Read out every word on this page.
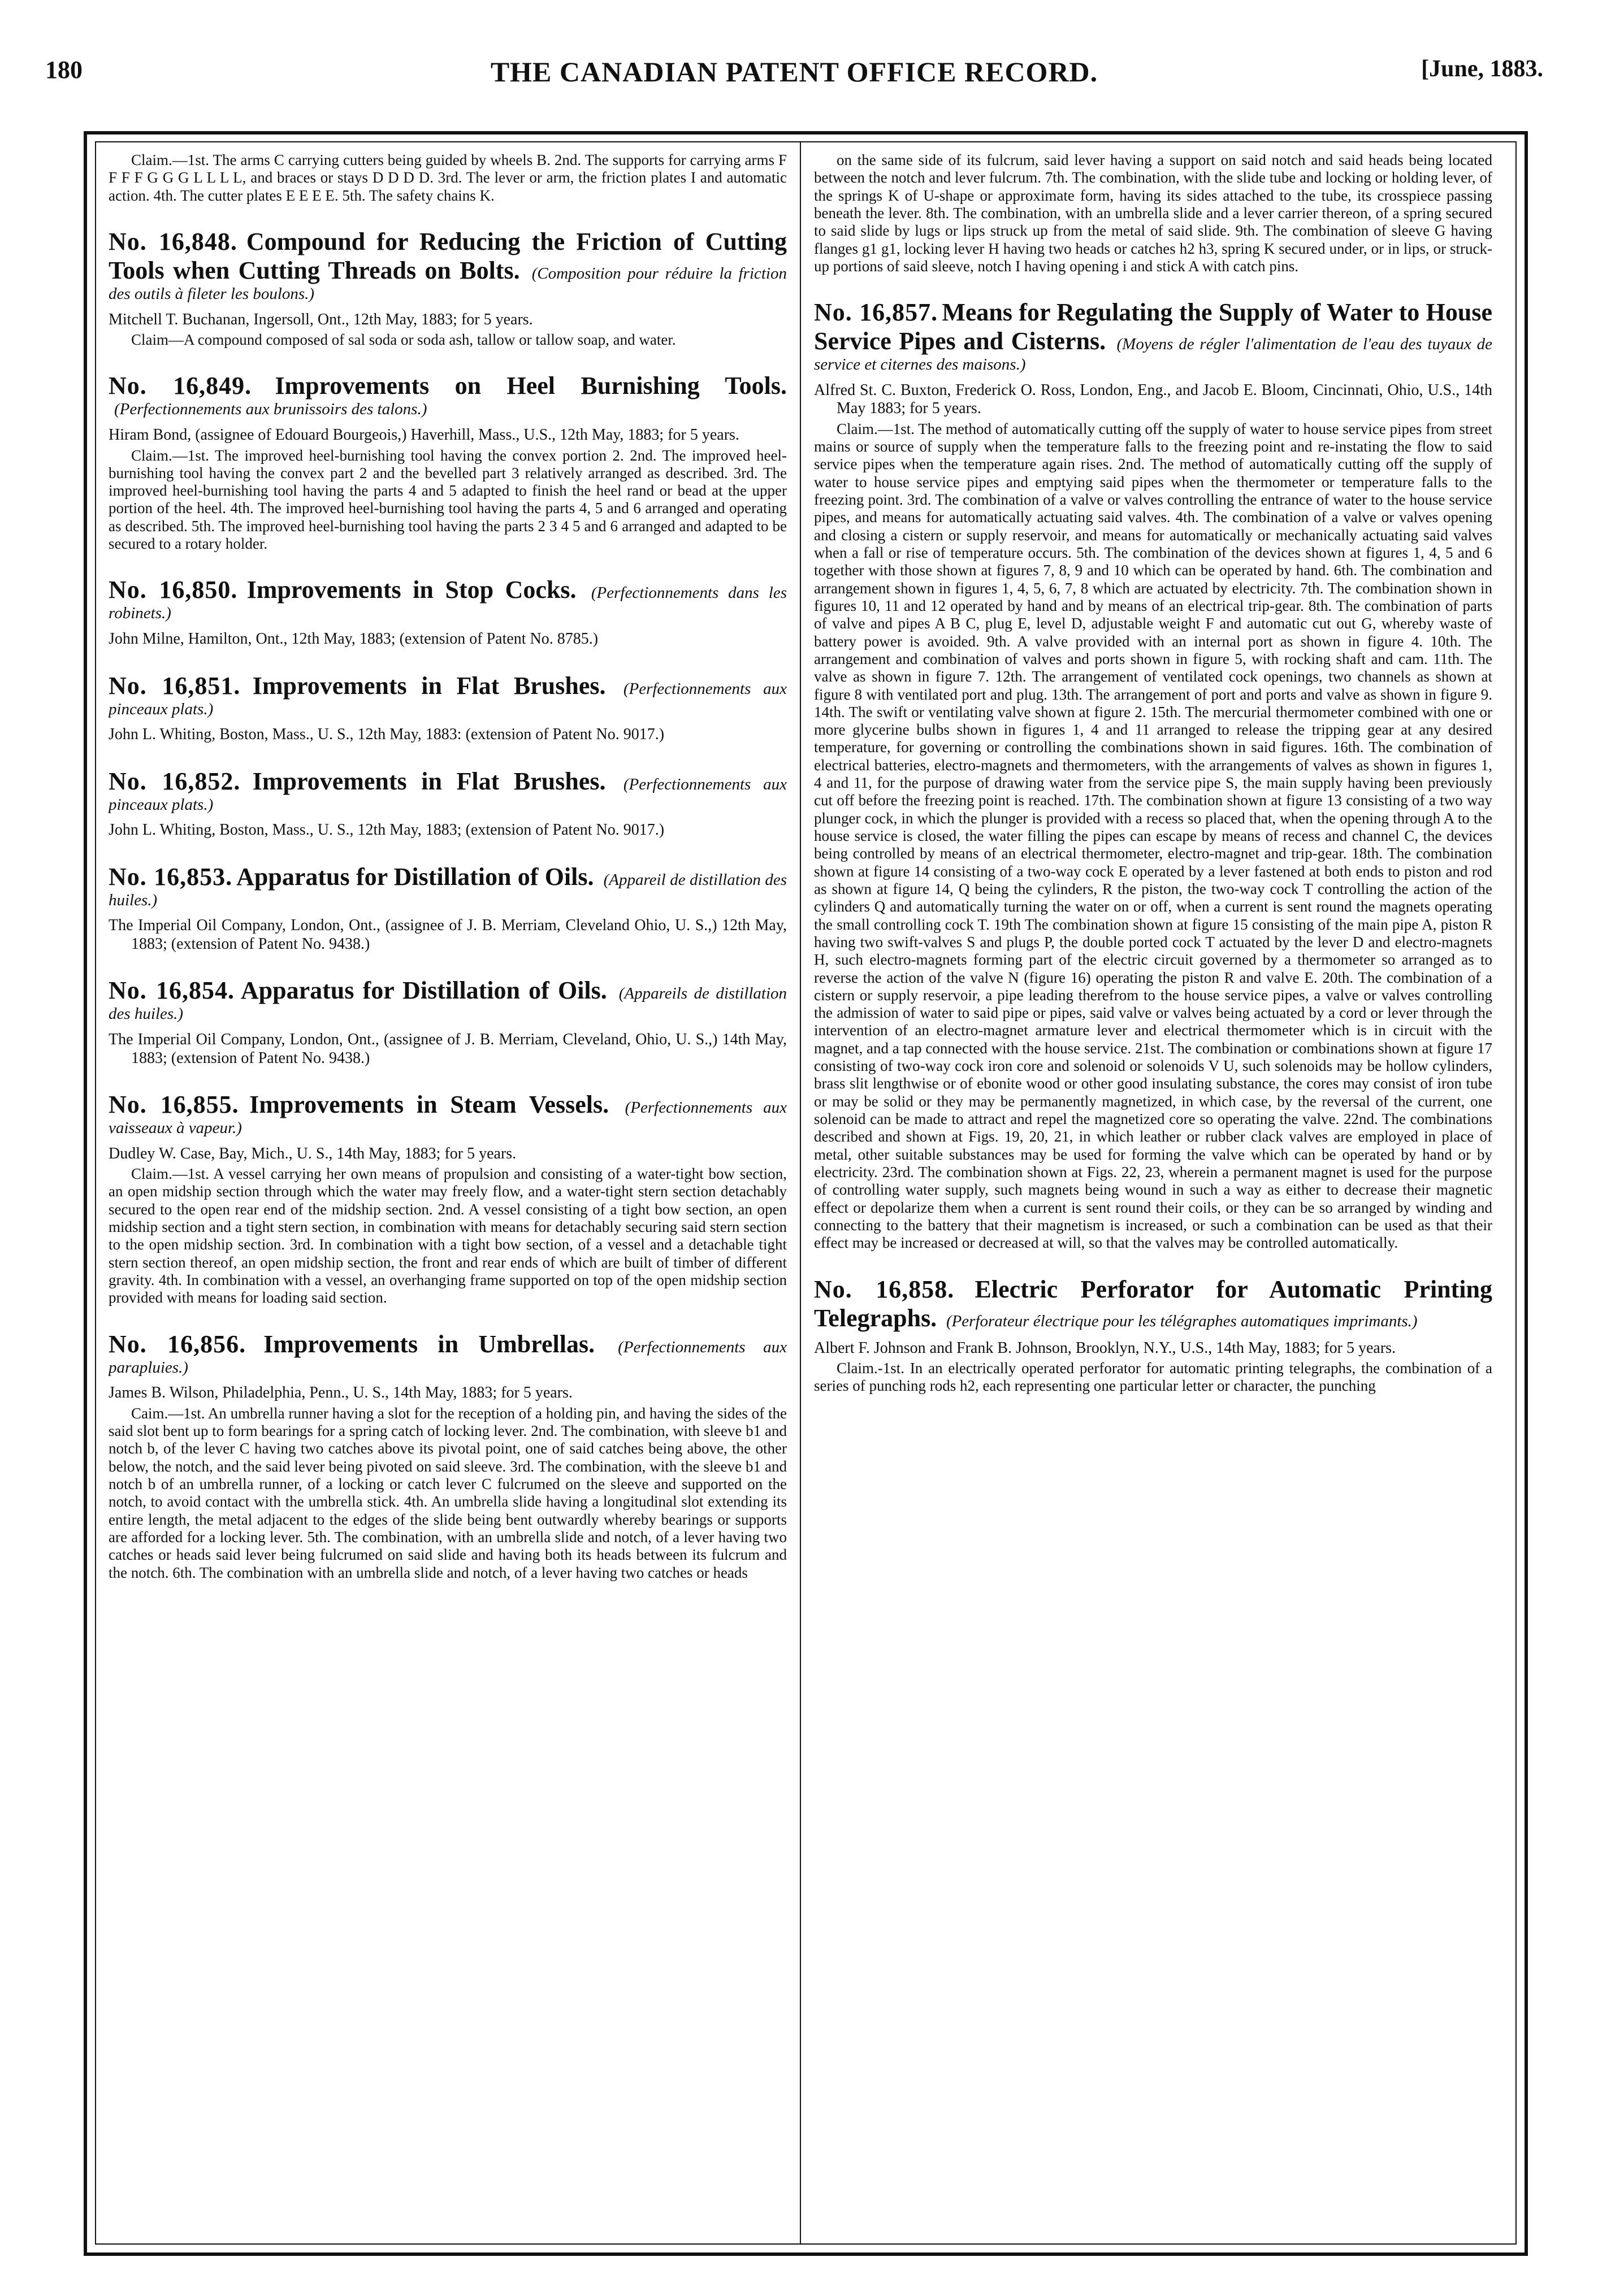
180	THE CANADIAN PATENT OFFICE RECORD.	[June, 1883.

Claim.—1st. The arms C carrying cutters being guided by wheels B. 2nd. The supports for carrying arms F F F F G G G L L L L, and braces or stays D D D D. 3rd. The lever or arm, the friction plates I and automatic action. 4th. The cutter plates E E E E. 5th. The safety chains K.

No. 16,848. Compound for Reducing the Friction of Cutting Tools when Cutting Threads on Bolts. (Composition pour réduire la friction des outils à fileter les boulons.)

Mitchell T. Buchanan, Ingersoll, Ont., 12th May, 1883; for 5 years.

Claim—A compound composed of sal soda or soda ash, tallow or tallow soap, and water.

No. 16,849. Improvements on Heel Burnishing Tools. (Perfectionnements aux brunissoirs des talons.)

Hiram Bond, (assignee of Edouard Bourgeois,) Haverhill, Mass., U.S., 12th May, 1883; for 5 years.

Claim.—1st. The improved heel-burnishing tool having the convex portion 2. 2nd. The improved heel-burnishing tool having the convex part 2 and the bevelled part 3 relatively arranged as described. 3rd. The improved heel-burnishing tool having the parts 4 and 5 adapted to finish the heel rand or bead at the upper portion of the heel. 4th. The improved heel-burnishing tool having the parts 4, 5 and 6 arranged and operating as described. 5th. The improved heel-burnishing tool having the parts 2 3 4 5 and 6 arranged and adapted to be secured to a rotary holder.

No. 16,850. Improvements in Stop Cocks. (Perfectionnements dans les robinets.)

John Milne, Hamilton, Ont., 12th May, 1883; (extension of Patent No. 8785.)

No. 16,851. Improvements in Flat Brushes. (Perfectionnements aux pinceaux plats.)

John L. Whiting, Boston, Mass., U. S., 12th May, 1883: (extension of Patent No. 9017.)

No. 16,852. Improvements in Flat Brushes. (Perfectionnements aux pinceaux plats.)

John L. Whiting, Boston, Mass., U. S., 12th May, 1883; (extension of Patent No. 9017.)

No. 16,853. Apparatus for Distillation of Oils. (Appareil de distillation des huiles.)

The Imperial Oil Company, London, Ont., (assignee of J. B. Merriam, Cleveland Ohio, U. S.,) 12th May, 1883; (extension of Patent No. 9438.)

No. 16,854. Apparatus for Distillation of Oils. (Appareils de distillation des huiles.)

The Imperial Oil Company, London, Ont., (assignee of J. B. Merriam, Cleveland, Ohio, U. S.,) 14th May, 1883; (extension of Patent No. 9438.)

No. 16,855. Improvements in Steam Vessels. (Perfectionnements aux vaisseaux à vapeur.)

Dudley W. Case, Bay, Mich., U. S., 14th May, 1883; for 5 years.

Claim.—1st. A vessel carrying her own means of propulsion and consisting of a water-tight bow section, an open midship section through which the water may freely flow, and a water-tight stern section detachably secured to the open rear end of the midship section. 2nd. A vessel consisting of a tight bow section, an open midship section and a tight stern section, in combination with means for detachably securing said stern section to the open midship section. 3rd. In combination with a tight bow section, of a vessel and a detachable tight stern section thereof, an open midship section, the front and rear ends of which are built of timber of different gravity. 4th. In combination with a vessel, an overhanging frame supported on top of the open midship section provided with means for loading said section.

No. 16,856. Improvements in Umbrellas. (Perfectionnements aux parapluies.)

James B. Wilson, Philadelphia, Penn., U. S., 14th May, 1883; for 5 years.

Caim.—1st. An umbrella runner having a slot for the reception of a holding pin, and having the sides of the said slot bent up to form bearings for a spring catch of locking lever. 2nd. The combination, with sleeve b1 and notch b, of the lever C having two catches above its pivotal point, one of said catches being above, the other below, the notch, and the said lever being pivoted on said sleeve. 3rd. The combination, with the sleeve b1 and notch b of an umbrella runner, of a locking or catch lever C fulcrumed on the sleeve and supported on the notch, to avoid contact with the umbrella stick. 4th. An umbrella slide having a longitudinal slot extending its entire length, the metal adjacent to the edges of the slide being bent outwardly whereby bearings or supports are afforded for a locking lever. 5th. The combination, with an umbrella slide and notch, of a lever having two catches or heads said lever being fulcrumed on said slide and having both its heads between its fulcrum and the notch. 6th. The combination with an umbrella slide and notch, of a lever having two catches or heads

on the same side of its fulcrum, said lever having a support on said notch and said heads being located between the notch and lever fulcrum. 7th. The combination, with the slide tube and locking or holding lever, of the springs K of U-shape or approximate form, having its sides attached to the tube, its crosspiece passing beneath the lever. 8th. The combination, with an umbrella slide and a lever carrier thereon, of a spring secured to said slide by lugs or lips struck up from the metal of said slide. 9th. The combination of sleeve G having flanges g1 g1, locking lever H having two heads or catches h2 h3, spring K secured under, or in lips, or struck-up portions of said sleeve, notch I having opening i and stick A with catch pins.

No. 16,857. Means for Regulating the Supply of Water to House Service Pipes and Cisterns. (Moyens de régler l'alimentation de l'eau des tuyaux de service et citernes des maisons.)

Alfred St. C. Buxton, Frederick O. Ross, London, Eng., and Jacob E. Bloom, Cincinnati, Ohio, U.S., 14th May 1883; for 5 years.

Claim.—1st. The method of automatically cutting off the supply of water to house service pipes from street mains or source of supply when the temperature falls to the freezing point and re-instating the flow to said service pipes when the temperature again rises. 2nd. The method of automatically cutting off the supply of water to house service pipes and emptying said pipes when the thermometer or temperature falls to the freezing point. 3rd. The combination of a valve or valves controlling the entrance of water to the house service pipes, and means for automatically actuating said valves. 4th. The combination of a valve or valves opening and closing a cistern or supply reservoir, and means for automatically or mechanically actuating said valves when a fall or rise of temperature occurs. 5th. The combination of the devices shown at figures 1, 4, 5 and 6 together with those shown at figures 7, 8, 9 and 10 which can be operated by hand. 6th. The combination and arrangement shown in figures 1, 4, 5, 6, 7, 8 which are actuated by electricity. 7th. The combination shown in figures 10, 11 and 12 operated by hand and by means of an electrical trip-gear. 8th. The combination of parts of valve and pipes A B C, plug E, level D, adjustable weight F and automatic cut out G, whereby waste of battery power is avoided. 9th. A valve provided with an internal port as shown in figure 4. 10th. The arrangement and combination of valves and ports shown in figure 5, with rocking shaft and cam. 11th. The valve as shown in figure 7. 12th. The arrangement of ventilated cock openings, two channels as shown at figure 8 with ventilated port and plug. 13th. The arrangement of port and ports and valve as shown in figure 9. 14th. The swift or ventilating valve shown at figure 2. 15th. The mercurial thermometer combined with one or more glycerine bulbs shown in figures 1, 4 and 11 arranged to release the tripping gear at any desired temperature, for governing or controlling the combinations shown in said figures. 16th. The combination of electrical batteries, electro-magnets and thermometers, with the arrangements of valves as shown in figures 1, 4 and 11, for the purpose of drawing water from the service pipe S, the main supply having been previously cut off before the freezing point is reached. 17th. The combination shown at figure 13 consisting of a two way plunger cock, in which the plunger is provided with a recess so placed that, when the opening through A to the house service is closed, the water filling the pipes can escape by means of recess and channel C, the devices being controlled by means of an electrical thermometer, electro-magnet and trip-gear. 18th. The combination shown at figure 14 consisting of a two-way cock E operated by a lever fastened at both ends to piston and rod as shown at figure 14, Q being the cylinders, R the piston, the two-way cock T controlling the action of the cylinders Q and automatically turning the water on or off, when a current is sent round the magnets operating the small controlling cock T. 19th The combination shown at figure 15 consisting of the main pipe A, piston R having two swift-valves S and plugs P, the double ported cock T actuated by the lever D and electro-magnets H, such electro-magnets forming part of the electric circuit governed by a thermometer so arranged as to reverse the action of the valve N (figure 16) operating the piston R and valve E. 20th. The combination of a cistern or supply reservoir, a pipe leading therefrom to the house service pipes, a valve or valves controlling the admission of water to said pipe or pipes, said valve or valves being actuated by a cord or lever through the intervention of an electro-magnet armature lever and electrical thermometer which is in circuit with the magnet, and a tap connected with the house service. 21st. The combination or combinations shown at figure 17 consisting of two-way cock iron core and solenoid or solenoids V U, such solenoids may be hollow cylinders, brass slit lengthwise or of ebonite wood or other good insulating substance, the cores may consist of iron tube or may be solid or they may be permanently magnetized, in which case, by the reversal of the current, one solenoid can be made to attract and repel the magnetized core so operating the valve. 22nd. The combinations described and shown at Figs. 19, 20, 21, in which leather or rubber clack valves are employed in place of metal, other suitable substances may be used for forming the valve which can be operated by hand or by electricity. 23rd. The combination shown at Figs. 22, 23, wherein a permanent magnet is used for the purpose of controlling water supply, such magnets being wound in such a way as either to decrease their magnetic effect or depolarize them when a current is sent round their coils, or they can be so arranged by winding and connecting to the battery that their magnetism is increased, or such a combination can be used as that their effect may be increased or decreased at will, so that the valves may be controlled automatically.

No. 16,858. Electric Perforator for Automatic Printing Telegraphs. (Perforateur électrique pour les télégraphes automatiques imprimants.)

Albert F. Johnson and Frank B. Johnson, Brooklyn, N.Y., U.S., 14th May, 1883; for 5 years.

Claim.-1st. In an electrically operated perforator for automatic printing telegraphs, the combination of a series of punching rods h2, each representing one particular letter or character, the punching
